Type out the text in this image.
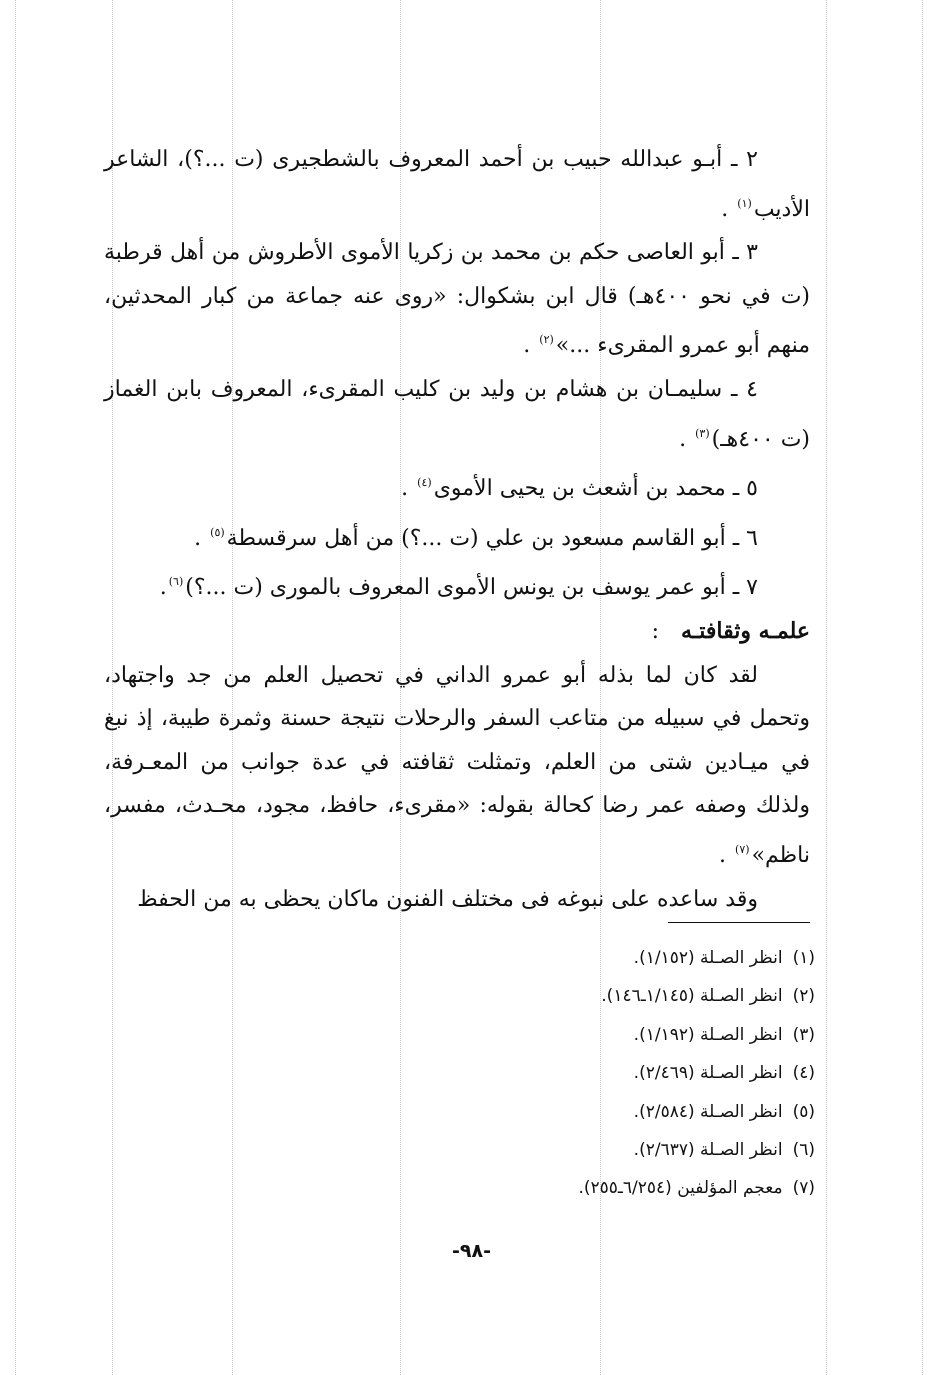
٢ ـ أبـو عبدالله حبيب بن أحمد المعروف بالشطجيرى (ت ...؟)، الشاعر الأديب$^{(١)}$ .

٣ ـ أبو العاصى حكم بن محمد بن زكريا الأموى الأطروش من أهل قرطبة (ت في نحو ٤٠٠هـ) قال ابن بشكوال: «روى عنه جماعة من كبار المحدثين، منهم أبو عمرو المقرىء ...»$^{(٢)}$ .

٤ ـ سليمـان بن هشام بن وليد بن كليب المقرىء، المعروف بابن الغماز (ت ٤٠٠هـ)$^{(٣)}$ .

٥ ـ محمد بن أشعث بن يحيى الأموى$^{(٤)}$ .

٦ ـ أبو القاسم مسعود بن علي (ت ...؟) من أهل سرقسطة$^{(٥)}$ .

٧ ـ أبو عمر يوسف بن يونس الأموى المعروف بالمورى (ت ...؟)$^{(٦)}$.

علمـه وثقافتـه:

لقد كان لما بذله أبو عمرو الداني في تحصيل العلم من جد واجتهاد، وتحمل في سبيله من متاعب السفر والرحلات نتيجة حسنة وثمرة طيبة، إذ نبغ في ميـادين شتى من العلم، وتمثلت ثقافته في عدة جوانب من المعـرفة، ولذلك وصفه عمر رضا كحالة بقوله: «مقرىء، حافظ، مجود، محـدث، مفسر، ناظم»$^{(٧)}$ .

وقد ساعده على نبوغه فى مختلف الفنون ماكان يحظى به من الحفظ

(١)انظر الصـلة (١/١٥٢).

(٢)انظر الصـلة (١/١٤٥ـ١٤٦).

(٣)انظر الصـلة (١/١٩٢).

(٤)انظر الصـلة (٢/٤٦٩).

(٥)انظر الصـلة (٢/٥٨٤).

(٦)انظر الصـلة (٢/٦٣٧).

(٧)معجم المؤلفين (٦/٢٥٤ـ٢٥٥).

-٩٨-
